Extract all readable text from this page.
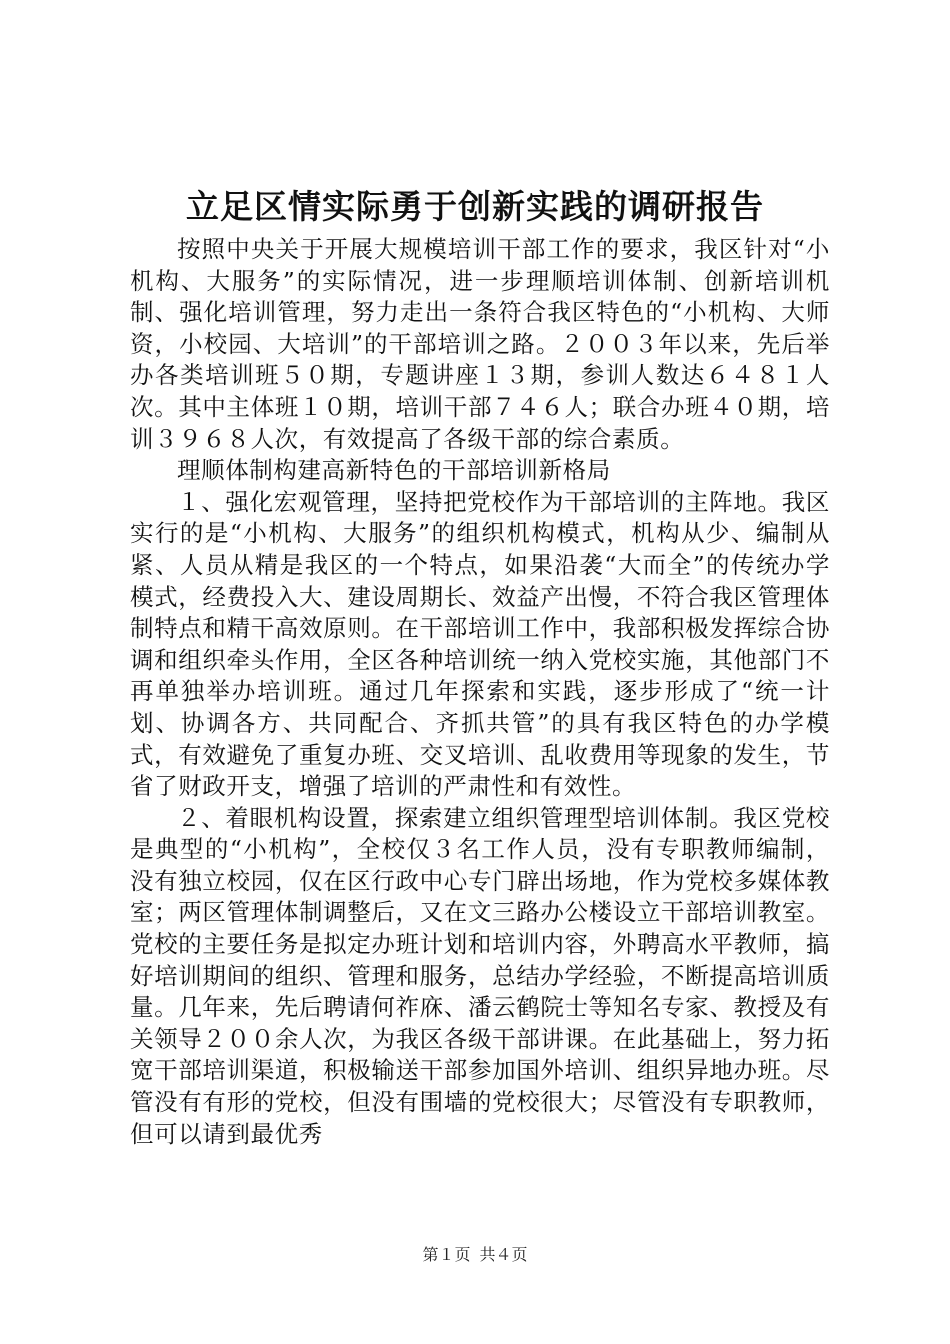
立足区情实际勇于创新实践的调研报告

按照中央关于开展大规模培训干部工作的要求，我区针对“小机构、大服务”的实际情况，进一步理顺培训体制、创新培训机制、强化培训管理，努力走出一条符合我区特色的“小机构、大师资，小校园、大培训”的干部培训之路。２００３年以来，先后举办各类培训班５０期，专题讲座１３期，参训人数达６４８１人次。其中主体班１０期，培训干部７４６人；联合办班４０期，培训３９６８人次，有效提高了各级干部的综合素质。

理顺体制构建高新特色的干部培训新格局

１、强化宏观管理，坚持把党校作为干部培训的主阵地。我区实行的是“小机构、大服务”的组织机构模式，机构从少、编制从紧、人员从精是我区的一个特点，如果沿袭“大而全”的传统办学模式，经费投入大、建设周期长、效益产出慢，不符合我区管理体制特点和精干高效原则。在干部培训工作中，我部积极发挥综合协调和组织牵头作用，全区各种培训统一纳入党校实施，其他部门不再单独举办培训班。通过几年探索和实践，逐步形成了“统一计划、协调各方、共同配合、齐抓共管”的具有我区特色的办学模式，有效避免了重复办班、交叉培训、乱收费用等现象的发生，节省了财政开支，增强了培训的严肃性和有效性。

２、着眼机构设置，探索建立组织管理型培训体制。我区党校是典型的“小机构”，全校仅３名工作人员，没有专职教师编制，没有独立校园，仅在区行政中心专门辟出场地，作为党校多媒体教室；两区管理体制调整后，又在文三路办公楼设立干部培训教室。党校的主要任务是拟定办班计划和培训内容，外聘高水平教师，搞好培训期间的组织、管理和服务，总结办学经验，不断提高培训质量。几年来，先后聘请何祚庥、潘云鹤院士等知名专家、教授及有关领导２００余人次，为我区各级干部讲课。在此基础上，努力拓宽干部培训渠道，积极输送干部参加国外培训、组织异地办班。尽管没有有形的党校，但没有围墙的党校很大；尽管没有专职教师，但可以请到最优秀

第１页 共４页
